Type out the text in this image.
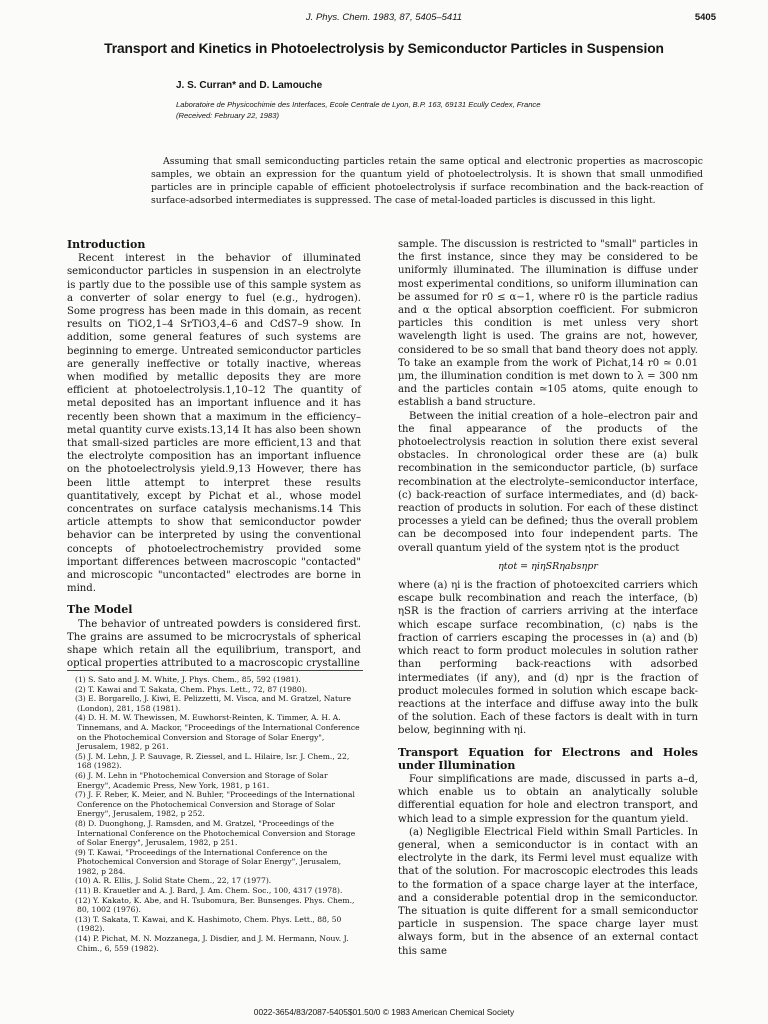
J. Phys. Chem. 1983, 87, 5405–5411	5405
Transport and Kinetics in Photoelectrolysis by Semiconductor Particles in Suspension
J. S. Curran* and D. Lamouche
Laboratoire de Physicochimie des Interfaces, Ecole Centrale de Lyon, B.P. 163, 69131 Ecully Cedex, France
(Received: February 22, 1983)
Assuming that small semiconducting particles retain the same optical and electronic properties as macroscopic samples, we obtain an expression for the quantum yield of photoelectrolysis. It is shown that small unmodified particles are in principle capable of efficient photoelectrolysis if surface recombination and the back-reaction of surface-adsorbed intermediates is suppressed. The case of metal-loaded particles is discussed in this light.
Introduction

Recent interest in the behavior of illuminated semiconductor particles in suspension in an electrolyte is partly due to the possible use of this sample system as a converter of solar energy to fuel (e.g., hydrogen). Some progress has been made in this domain, as recent results on TiO2,1–4 SrTiO3,4–6 and CdS7–9 show. In addition, some general features of such systems are beginning to emerge. Untreated semiconductor particles are generally ineffective or totally inactive, whereas when modified by metallic deposits they are more efficient at photoelectrolysis.1,10–12 The quantity of metal deposited has an important influence and it has recently been shown that a maximum in the efficiency–metal quantity curve exists.13,14 It has also been shown that small-sized particles are more efficient,13 and that the electrolyte composition has an important influence on the photoelectrolysis yield.9,13 However, there has been little attempt to interpret these results quantitatively, except by Pichat et al., whose model concentrates on surface catalysis mechanisms.14 This article attempts to show that semiconductor powder behavior can be interpreted by using the conventional concepts of photoelectrochemistry provided some important differences between macroscopic "contacted" and microscopic "uncontacted" electrodes are borne in mind.

The Model

The behavior of untreated powders is considered first. The grains are assumed to be microcrystals of spherical shape which retain all the equilibrium, transport, and optical properties attributed to a macroscopic crystalline

(1) S. Sato and J. M. White, J. Phys. Chem., 85, 592 (1981).
(2) T. Kawai and T. Sakata, Chem. Phys. Lett., 72, 87 (1980).
(3) E. Borgarello, J. Kiwi, E. Pelizzetti, M. Visca, and M. Gratzel, Nature (London), 281, 158 (1981).
(4) D. H. M. W. Thewissen, M. Euwhorst-Reinten, K. Timmer, A. H. A. Tinnemans, and A. Mackor, "Proceedings of the International Conference on the Photochemical Conversion and Storage of Solar Energy", Jerusalem, 1982, p 261.
(5) J. M. Lehn, J. P. Sauvage, R. Ziessel, and L. Hilaire, Isr. J. Chem., 22, 168 (1982).
(6) J. M. Lehn in "Photochemical Conversion and Storage of Solar Energy", Academic Press, New York, 1981, p 161.
(7) J. F. Reber, K. Meier, and N. Buhler, "Proceedings of the International Conference on the Photochemical Conversion and Storage of Solar Energy", Jerusalem, 1982, p 252.
(8) D. Duonghong, J. Ramsden, and M. Gratzel, "Proceedings of the International Conference on the Photochemical Conversion and Storage of Solar Energy", Jerusalem, 1982, p 251.
(9) T. Kawai, "Proceedings of the International Conference on the Photochemical Conversion and Storage of Solar Energy", Jerusalem, 1982, p 284.
(10) A. R. Ellis, J. Solid State Chem., 22, 17 (1977).
(11) B. Krauetler and A. J. Bard, J. Am. Chem. Soc., 100, 4317 (1978).
(12) Y. Kakato, K. Abe, and H. Tsubomura, Ber. Bunsenges. Phys. Chem., 80, 1002 (1976).
(13) T. Sakata, T. Kawai, and K. Hashimoto, Chem. Phys. Lett., 88, 50 (1982).
(14) P. Pichat, M. N. Mozzanega, J. Disdier, and J. M. Hermann, Nouv. J. Chim., 6, 559 (1982).

sample. The discussion is restricted to "small" particles in the first instance, since they may be considered to be uniformly illuminated. The illumination is diffuse under most experimental conditions, so uniform illumination can be assumed for r0 ≤ α−1, where r0 is the particle radius and α the optical absorption coefficient. For submicron particles this condition is met unless very short wavelength light is used. The grains are not, however, considered to be so small that band theory does not apply. To take an example from the work of Pichat,14 r0 ≃ 0.01 μm, the illumination condition is met down to λ = 300 nm and the particles contain ≃105 atoms, quite enough to establish a band structure.

Between the initial creation of a hole–electron pair and the final appearance of the products of the photoelectrolysis reaction in solution there exist several obstacles. In chronological order these are (a) bulk recombination in the semiconductor particle, (b) surface recombination at the electrolyte–semiconductor interface, (c) back-reaction of surface intermediates, and (d) back-reaction of products in solution. For each of these distinct processes a yield can be defined; thus the overall problem can be decomposed into four independent parts. The overall quantum yield of the system ηtot is the product

ηtot = ηiηSRηabsηpr

where (a) ηi is the fraction of photoexcited carriers which escape bulk recombination and reach the interface, (b) ηSR is the fraction of carriers arriving at the interface which escape surface recombination, (c) ηabs is the fraction of carriers escaping the processes in (a) and (b) which react to form product molecules in solution rather than performing back-reactions with adsorbed intermediates (if any), and (d) ηpr is the fraction of product molecules formed in solution which escape back-reactions at the interface and diffuse away into the bulk of the solution. Each of these factors is dealt with in turn below, beginning with ηi.

Transport Equation for Electrons and Holes under Illumination

Four simplifications are made, discussed in parts a–d, which enable us to obtain an analytically soluble differential equation for hole and electron transport, and which lead to a simple expression for the quantum yield.

(a) Negligible Electrical Field within Small Particles. In general, when a semiconductor is in contact with an electrolyte in the dark, its Fermi level must equalize with that of the solution. For macroscopic electrodes this leads to the formation of a space charge layer at the interface, and a considerable potential drop in the semiconductor. The situation is quite different for a small semiconductor particle in suspension. The space charge layer must always form, but in the absence of an external contact this same

0022-3654/83/2087-5405$01.50/0 © 1983 American Chemical Society
